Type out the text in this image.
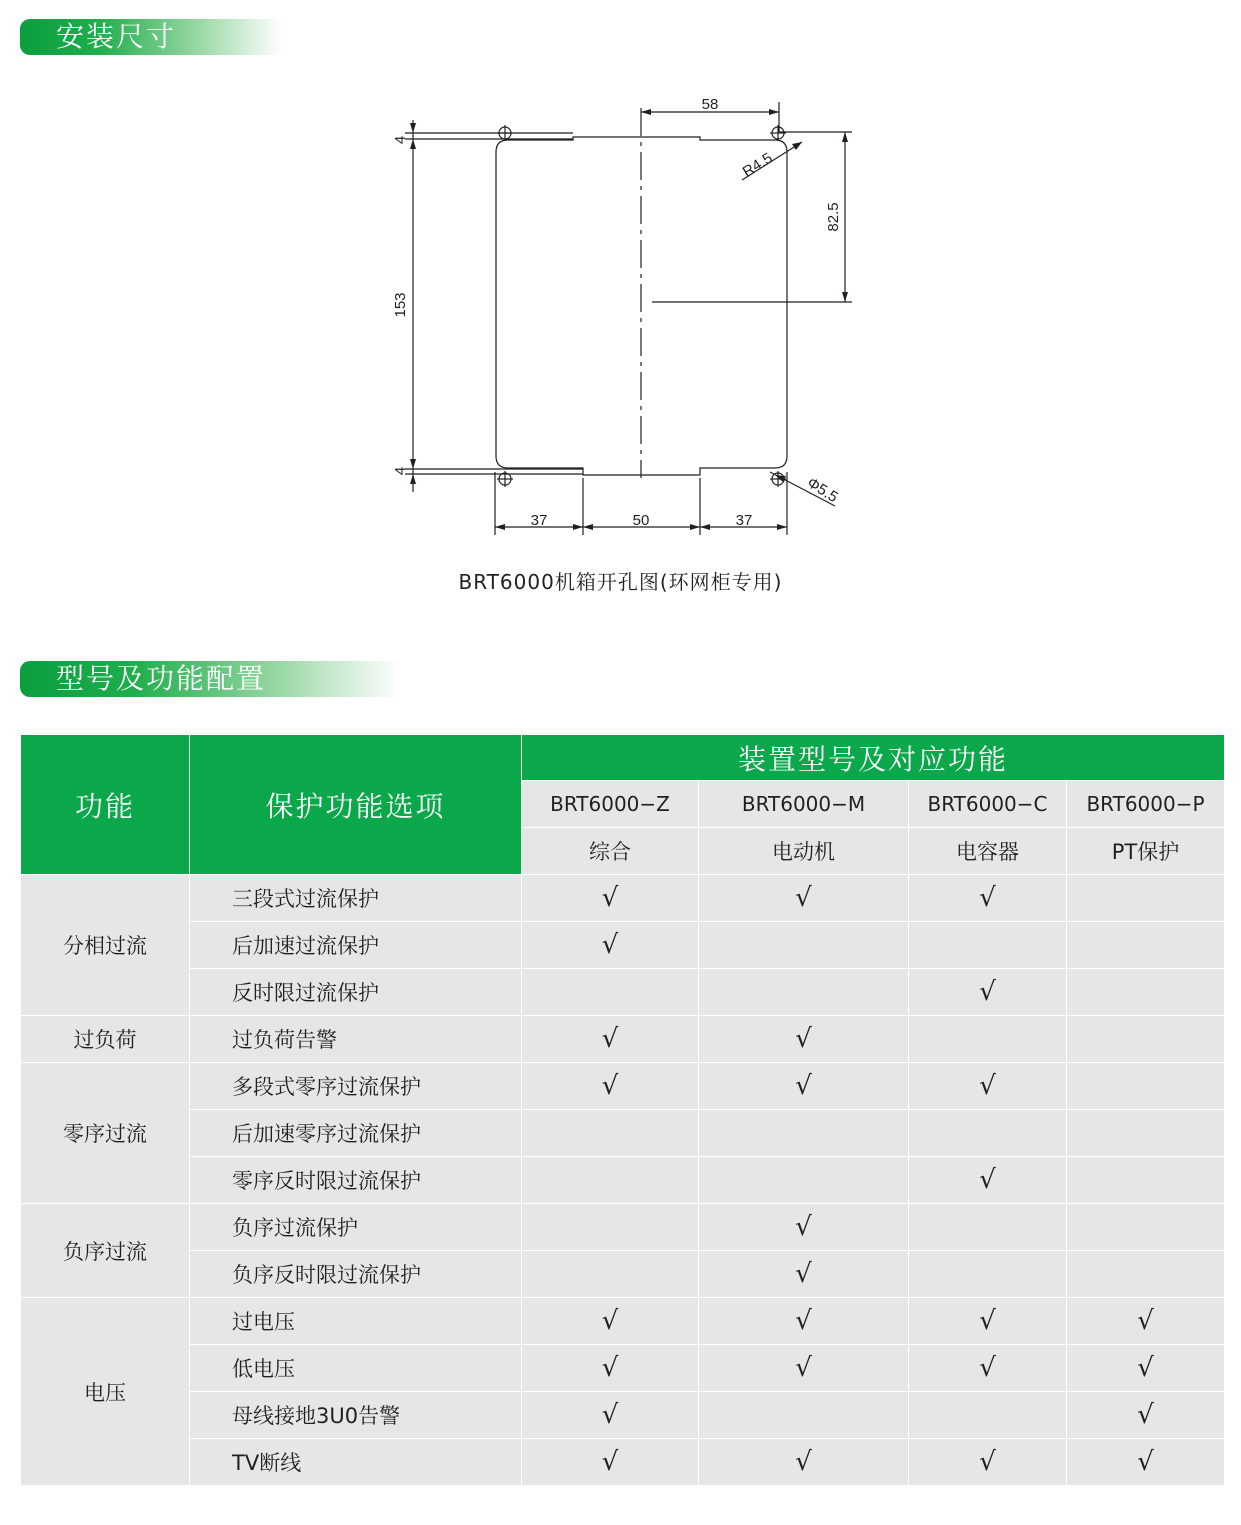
安装尺寸
58
R4.5
82.5
153
4
4
Φ5.5
37	50	37
BRT6000机箱开孔图(环网柜专用)
型号及功能配置
功能	保护功能选项	装置型号及对应功能			
		BRT6000−Z	BRT6000−M	BRT6000−C	BRT6000−P
		综合	电动机	电容器	PT保护
分相过流	三段式过流保护	√	√	√	
	后加速过流保护	√			
	反时限过流保护			√	
过负荷	过负荷告警	√	√		
零序过流	多段式零序过流保护	√	√	√	
	后加速零序过流保护				
	零序反时限过流保护			√	
负序过流	负序过流保护		√		
	负序反时限过流保护		√		
电压	过电压	√	√	√	√
	低电压	√	√	√	√
	母线接地3U0告警	√			√
	TV断线	√	√	√	√
